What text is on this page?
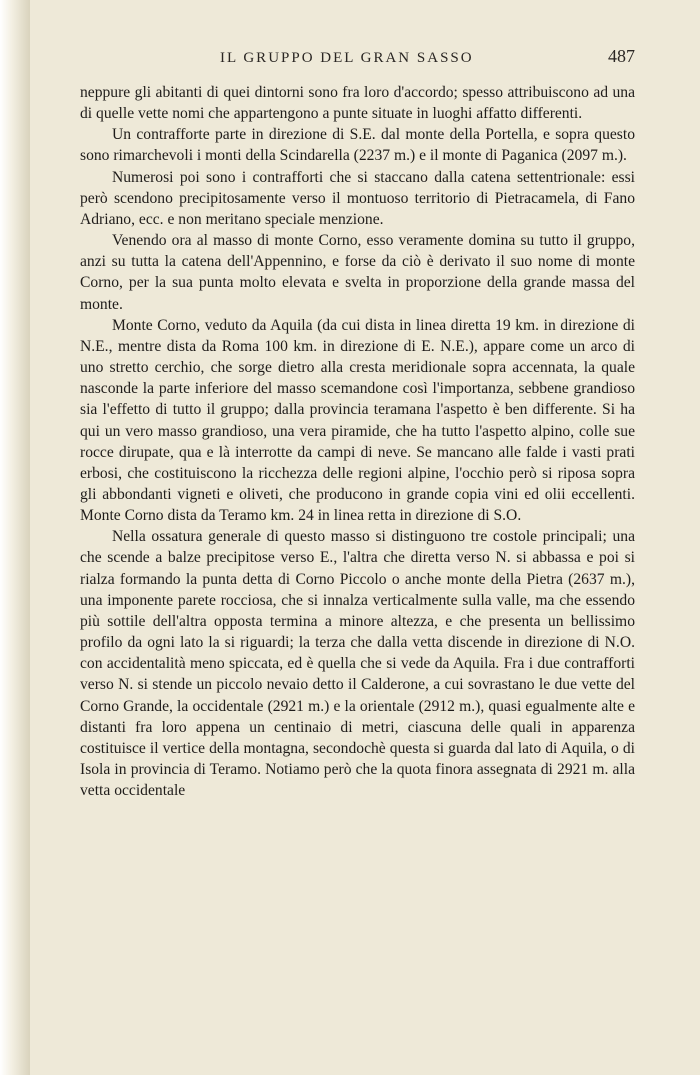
IL GRUPPO DEL GRAN SASSO	487

neppure gli abitanti di quei dintorni sono fra loro d'accordo; spesso attribuiscono ad una di quelle vette nomi che appartengono a punte situate in luoghi affatto differenti.

Un contrafforte parte in direzione di S.E. dal monte della Portella, e sopra questo sono rimarchevoli i monti della Scindarella (2237 m.) e il monte di Paganica (2097 m.).

Numerosi poi sono i contrafforti che si staccano dalla catena settentrionale: essi però scendono precipitosamente verso il montuoso territorio di Pietracamela, di Fano Adriano, ecc. e non meritano speciale menzione.

Venendo ora al masso di monte Corno, esso veramente domina su tutto il gruppo, anzi su tutta la catena dell'Appennino, e forse da ciò è derivato il suo nome di monte Corno, per la sua punta molto elevata e svelta in proporzione della grande massa del monte.

Monte Corno, veduto da Aquila (da cui dista in linea diretta 19 km. in direzione di N.E., mentre dista da Roma 100 km. in direzione di E. N.E.), appare come un arco di uno stretto cerchio, che sorge dietro alla cresta meridionale sopra accennata, la quale nasconde la parte inferiore del masso scemandone così l'importanza, sebbene grandioso sia l'effetto di tutto il gruppo; dalla provincia teramana l'aspetto è ben differente. Si ha qui un vero masso grandioso, una vera piramide, che ha tutto l'aspetto alpino, colle sue rocce dirupate, qua e là interrotte da campi di neve. Se mancano alle falde i vasti prati erbosi, che costituiscono la ricchezza delle regioni alpine, l'occhio però si riposa sopra gli abbondanti vigneti e oliveti, che producono in grande copia vini ed olii eccellenti. Monte Corno dista da Teramo km. 24 in linea retta in direzione di S.O.

Nella ossatura generale di questo masso si distinguono tre costole principali; una che scende a balze precipitose verso E., l'altra che diretta verso N. si abbassa e poi si rialza formando la punta detta di Corno Piccolo o anche monte della Pietra (2637 m.), una imponente parete rocciosa, che si innalza verticalmente sulla valle, ma che essendo più sottile dell'altra opposta termina a minore altezza, e che presenta un bellissimo profilo da ogni lato la si riguardi; la terza che dalla vetta discende in direzione di N.O. con accidentalità meno spiccata, ed è quella che si vede da Aquila. Fra i due contrafforti verso N. si stende un piccolo nevaio detto il Calderone, a cui sovrastano le due vette del Corno Grande, la occidentale (2921 m.) e la orientale (2912 m.), quasi egualmente alte e distanti fra loro appena un centinaio di metri, ciascuna delle quali in apparenza costituisce il vertice della montagna, secondochè questa si guarda dal lato di Aquila, o di Isola in provincia di Teramo. Notiamo però che la quota finora assegnata di 2921 m. alla vetta occidentale
